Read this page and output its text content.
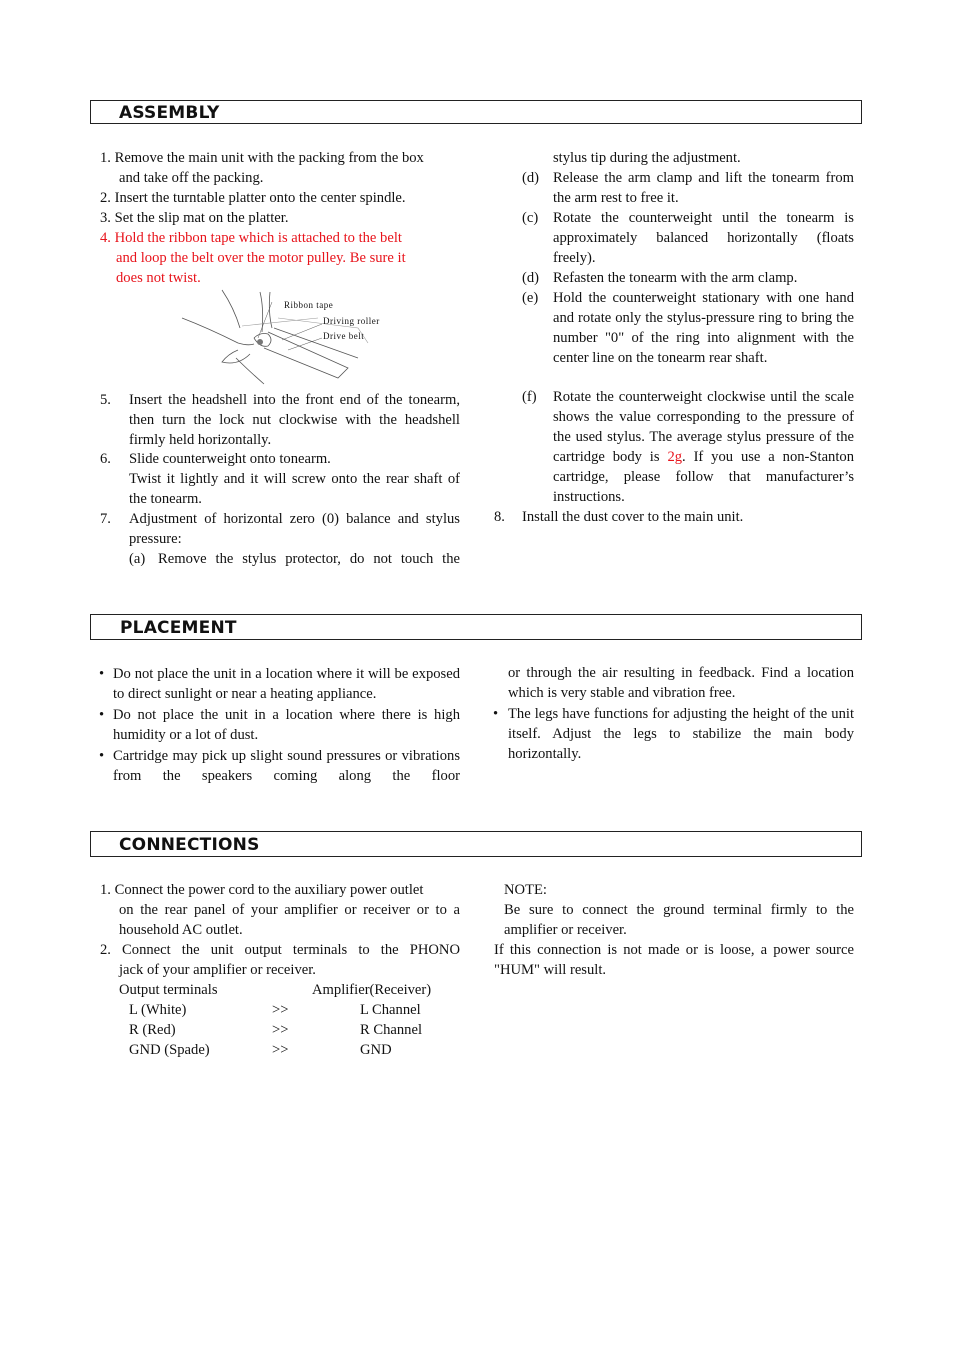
ASSEMBLY
1. Remove the main unit with the packing from the box
and take off the packing.
2. Insert the turntable platter onto the center spindle.
3. Set the slip mat on the platter.
4. Hold the ribbon tape which is attached to the belt
and loop the belt over the motor pulley. Be sure it
does not twist.
Ribbon tape
Driving roller
Drive belt
5. Insert the headshell into the front end of the tonearm, then turn the lock nut clockwise with the headshell firmly held horizontally.
6. Slide counterweight onto tonearm.
Twist it lightly and it will screw onto the rear shaft of the tonearm.
7. Adjustment of horizontal zero (0) balance and stylus pressure:
(a) Remove the stylus protector, do not touch the
stylus tip during the adjustment.
(d) Release the arm clamp and lift the tonearm from the arm rest to free it.
(c) Rotate the counterweight until the tonearm is approximately balanced horizontally (floats freely).
(d) Refasten the tonearm with the arm clamp.
(e) Hold the counterweight stationary with one hand and rotate only the stylus-pressure ring to bring the number "0" of the ring into alignment with the center line on the tonearm rear shaft.
(f) Rotate the counterweight clockwise until the scale shows the value corresponding to the pressure of the used stylus. The average stylus pressure of the cartridge body is 2g. If you use a non-Stanton cartridge, please follow that manufacturer’s instructions.
8. Install the dust cover to the main unit.
PLACEMENT
• Do not place the unit in a location where it will be exposed to direct sunlight or near a heating appliance.
• Do not place the unit in a location where there is high humidity or a lot of dust.
• Cartridge may pick up slight sound pressures or vibrations from the speakers coming along the floor
or through the air resulting in feedback. Find a location which is very stable and vibration free.
• The legs have functions for adjusting the height of the unit itself. Adjust the legs to stabilize the main body horizontally.
CONNECTIONS
1. Connect the power cord to the auxiliary power outlet
on the rear panel of your amplifier or receiver or to a household AC outlet.
2. Connect the unit output terminals to the PHONO
jack of your amplifier or receiver.
Output terminals	Amplifier(Receiver)
L (White)	>>	L Channel
R (Red)	>>	R Channel
GND (Spade)	>>	GND
NOTE:
Be sure to connect the ground terminal firmly to the amplifier or receiver.
If this connection is not made or is loose, a power source "HUM" will result.
